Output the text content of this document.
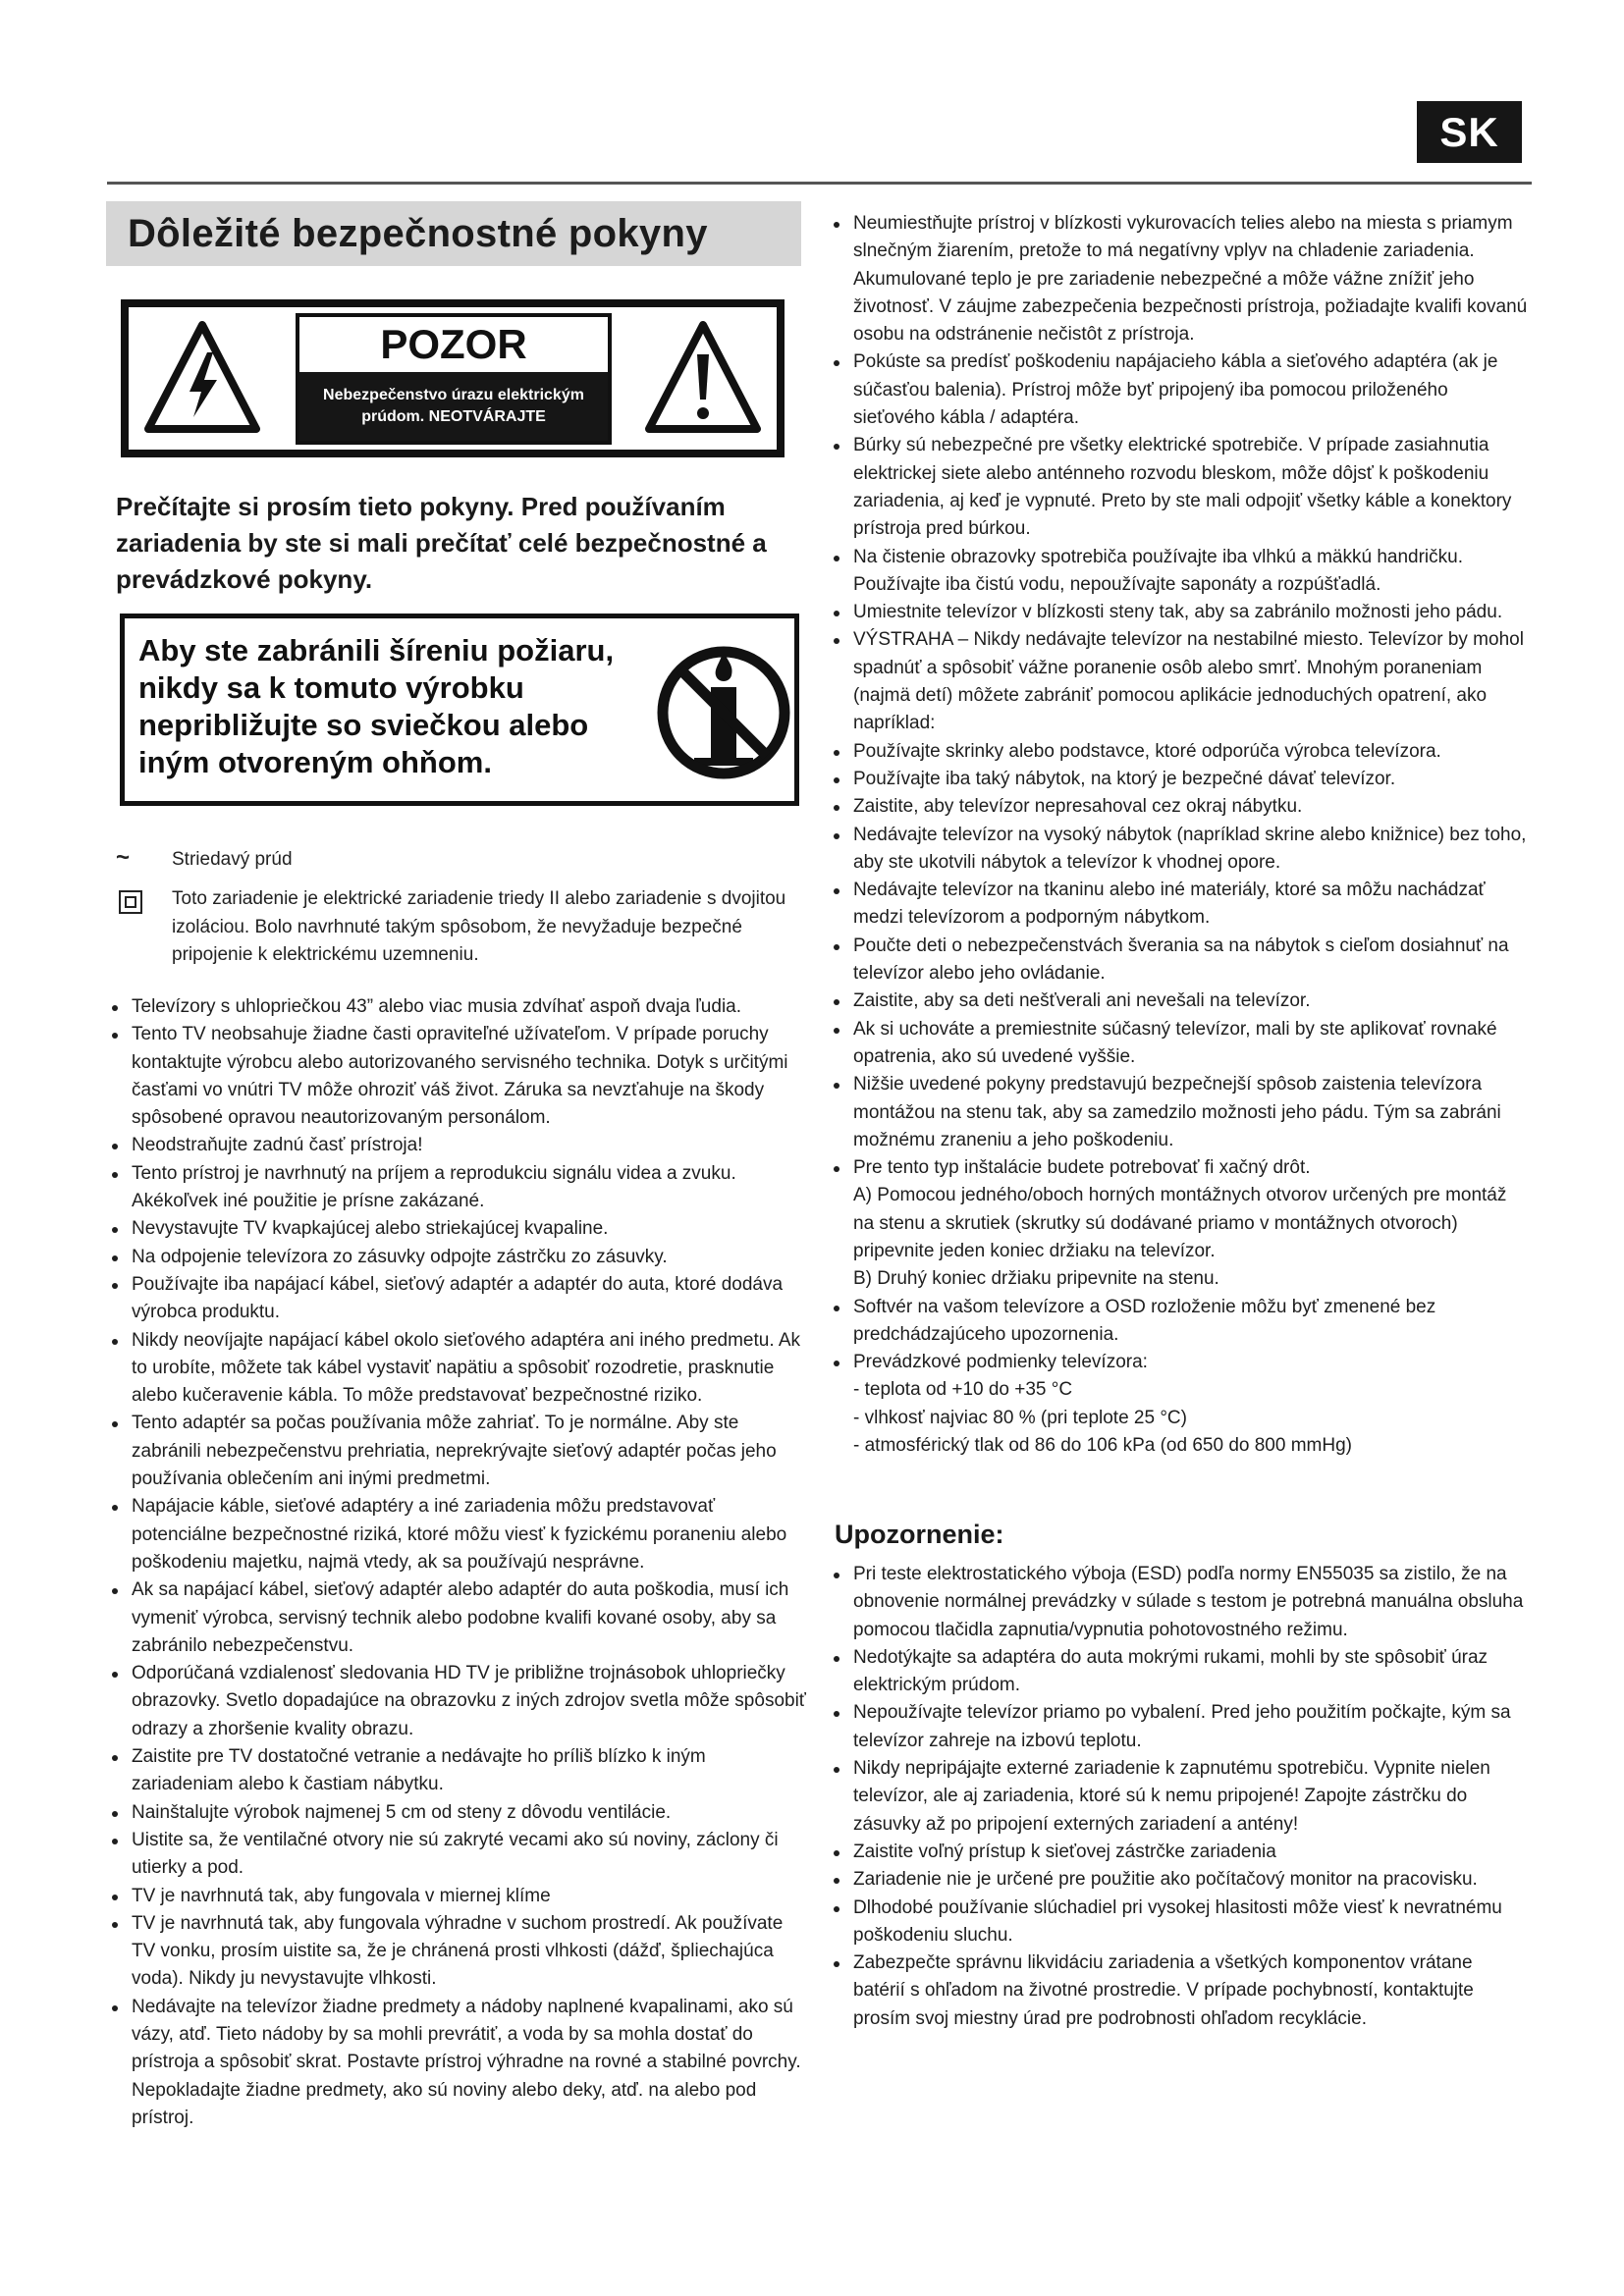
SK
Dôležité bezpečnostné pokyny
POZOR
Nebezpečenstvo úrazu elektrickým
prúdom. NEOTVÁRAJTE
Prečítajte si prosím tieto pokyny. Pred používaním zariadenia by ste si mali prečítať celé bezpečnostné a prevádzkové pokyny.
Aby ste zabránili šíreniu požiaru, nikdy sa k tomuto výrobku nepribližujte so sviečkou alebo iným otvoreným ohňom.
~	Striedavý prúd
Toto zariadenie je elektrické zariadenie triedy II alebo zariadenie s dvojitou izoláciou. Bolo navrhnuté takým spôsobom, že nevyžaduje bezpečné pripojenie k elektrickému uzemneniu.
Televízory s uhlopriečkou 43” alebo viac musia zdvíhať aspoň dvaja ľudia.
Tento TV neobsahuje žiadne časti opraviteľné užívateľom. V prípade poruchy kontaktujte výrobcu alebo autorizovaného servisného technika. Dotyk s určitými časťami vo vnútri TV môže ohroziť váš život. Záruka sa nevzťahuje na škody spôsobené opravou neautorizovaným personálom.
Neodstraňujte zadnú časť prístroja!
Tento prístroj je navrhnutý na príjem a reprodukciu signálu videa a zvuku. Akékoľvek iné použitie je prísne zakázané.
Nevystavujte TV kvapkajúcej alebo striekajúcej kvapaline.
Na odpojenie televízora zo zásuvky odpojte zástrčku zo zásuvky.
Používajte iba napájací kábel, sieťový adaptér a adaptér do auta, ktoré dodáva výrobca produktu.
Nikdy neovíjajte napájací kábel okolo sieťového adaptéra ani iného predmetu. Ak to urobíte, môžete tak kábel vystaviť napätiu a spôsobiť rozodretie, prasknutie alebo kučeravenie kábla. To môže predstavovať bezpečnostné riziko.
Tento adaptér sa počas používania môže zahriať. To je normálne. Aby ste zabránili nebezpečenstvu prehriatia, neprekrývajte sieťový adaptér počas jeho používania oblečením ani inými predmetmi.
Napájacie káble, sieťové adaptéry a iné zariadenia môžu predstavovať potenciálne bezpečnostné riziká, ktoré môžu viesť k fyzickému poraneniu alebo poškodeniu majetku, najmä vtedy, ak sa používajú nesprávne.
Ak sa napájací kábel, sieťový adaptér alebo adaptér do auta poškodia, musí ich vymeniť výrobca, servisný technik alebo podobne kvalifi kované osoby, aby sa zabránilo nebezpečenstvu.
Odporúčaná vzdialenosť sledovania HD TV je približne trojnásobok uhlopriečky obrazovky. Svetlo dopadajúce na obrazovku z iných zdrojov svetla môže spôsobiť odrazy a zhoršenie kvality obrazu.
Zaistite pre TV dostatočné vetranie a nedávajte ho príliš blízko k iným zariadeniam alebo k častiam nábytku.
Nainštalujte výrobok najmenej 5 cm od steny z dôvodu ventilácie.
Uistite sa, že ventilačné otvory nie sú zakryté vecami ako sú noviny, záclony či utierky a pod.
TV je navrhnutá tak, aby fungovala v miernej klíme
TV je navrhnutá tak, aby fungovala výhradne v suchom prostredí. Ak používate TV vonku, prosím uistite sa, že je chránená prosti vlhkosti (dážď, špliechajúca voda). Nikdy ju nevystavujte vlhkosti.
Nedávajte na televízor žiadne predmety a nádoby naplnené kvapalinami, ako sú vázy, atď. Tieto nádoby by sa mohli prevrátiť, a voda by sa mohla dostať do prístroja a spôsobiť skrat. Postavte prístroj výhradne na rovné a stabilné povrchy. Nepokladajte žiadne predmety, ako sú noviny alebo deky, atď. na alebo pod prístroj.
Neumiestňujte prístroj v blízkosti vykurovacích telies alebo na miesta s priamym slnečným žiarením, pretože to má negatívny vplyv na chladenie zariadenia. Akumulované teplo je pre zariadenie nebezpečné a môže vážne znížiť jeho životnosť. V záujme zabezpečenia bezpečnosti prístroja, požiadajte kvalifi kovanú osobu na odstránenie nečistôt z prístroja.
Pokúste sa predísť poškodeniu napájacieho kábla a sieťového adaptéra (ak je súčasťou balenia). Prístroj môže byť pripojený iba pomocou priloženého sieťového kábla / adaptéra.
Búrky sú nebezpečné pre všetky elektrické spotrebiče. V prípade zasiahnutia elektrickej siete alebo anténneho rozvodu bleskom, môže dôjsť k poškodeniu zariadenia, aj keď je vypnuté. Preto by ste mali odpojiť všetky káble a konektory prístroja pred búrkou.
Na čistenie obrazovky spotrebiča používajte iba vlhkú a mäkkú handričku. Používajte iba čistú vodu, nepoužívajte saponáty a rozpúšťadlá.
Umiestnite televízor v blízkosti steny tak, aby sa zabránilo možnosti jeho pádu.
VÝSTRAHA – Nikdy nedávajte televízor na nestabilné miesto. Televízor by mohol spadnúť a spôsobiť vážne poranenie osôb alebo smrť. Mnohým poraneniam (najmä detí) môžete zabrániť pomocou aplikácie jednoduchých opatrení, ako napríklad:
Používajte skrinky alebo podstavce, ktoré odporúča výrobca televízora.
Používajte iba taký nábytok, na ktorý je bezpečné dávať televízor.
Zaistite, aby televízor nepresahoval cez okraj nábytku.
Nedávajte televízor na vysoký nábytok (napríklad skrine alebo knižnice) bez toho, aby ste ukotvili nábytok a televízor k vhodnej opore.
Nedávajte televízor na tkaninu alebo iné materiály, ktoré sa môžu nachádzať medzi televízorom a podporným nábytkom.
Poučte deti o nebezpečenstvách šverania sa na nábytok s cieľom dosiahnuť na televízor alebo jeho ovládanie.
Zaistite, aby sa deti nešťverali ani nevešali na televízor.
Ak si uchováte a premiestnite súčasný televízor, mali by ste aplikovať rovnaké opatrenia, ako sú uvedené vyššie.
Nižšie uvedené pokyny predstavujú bezpečnejší spôsob zaistenia televízora montážou na stenu tak, aby sa zamedzilo možnosti jeho pádu. Tým sa zabráni možnému zraneniu a jeho poškodeniu.
Pre tento typ inštalácie budete potrebovať fi xačný drôt.
A) Pomocou jedného/oboch horných montážnych otvorov určených pre montáž na stenu a skrutiek (skrutky sú dodávané priamo v montážnych otvoroch) pripevnite jeden koniec držiaku na televízor.
B) Druhý koniec držiaku pripevnite na stenu.
Softvér na vašom televízore a OSD rozloženie môžu byť zmenené bez predchádzajúceho upozornenia.
Prevádzkové podmienky televízora:
- teplota od +10 do +35 °C
- vlhkosť najviac 80 % (pri teplote 25 °C)
- atmosférický tlak od 86 do 106 kPa (od 650 do 800 mmHg)
Upozornenie:
Pri teste elektrostatického výboja (ESD) podľa normy EN55035 sa zistilo, že na obnovenie normálnej prevádzky v súlade s testom je potrebná manuálna obsluha pomocou tlačidla zapnutia/vypnutia pohotovostného režimu.
Nedotýkajte sa adaptéra do auta mokrými rukami, mohli by ste spôsobiť úraz elektrickým prúdom.
Nepoužívajte televízor priamo po vybalení. Pred jeho použitím počkajte, kým sa televízor zahreje na izbovú teplotu.
Nikdy nepripájajte externé zariadenie k zapnutému spotrebiču. Vypnite nielen televízor, ale aj zariadenia, ktoré sú k nemu pripojené! Zapojte zástrčku do zásuvky až po pripojení externých zariadení a antény!
Zaistite voľný prístup k sieťovej zástrčke zariadenia
Zariadenie nie je určené pre použitie ako počítačový monitor na pracovisku.
Dlhodobé používanie slúchadiel pri vysokej hlasitosti môže viesť k nevratnému poškodeniu sluchu.
Zabezpečte správnu likvidáciu zariadenia a všetkých komponentov vrátane batérií s ohľadom na životné prostredie. V prípade pochybností, kontaktujte prosím svoj miestny úrad pre podrobnosti ohľadom recyklácie.
